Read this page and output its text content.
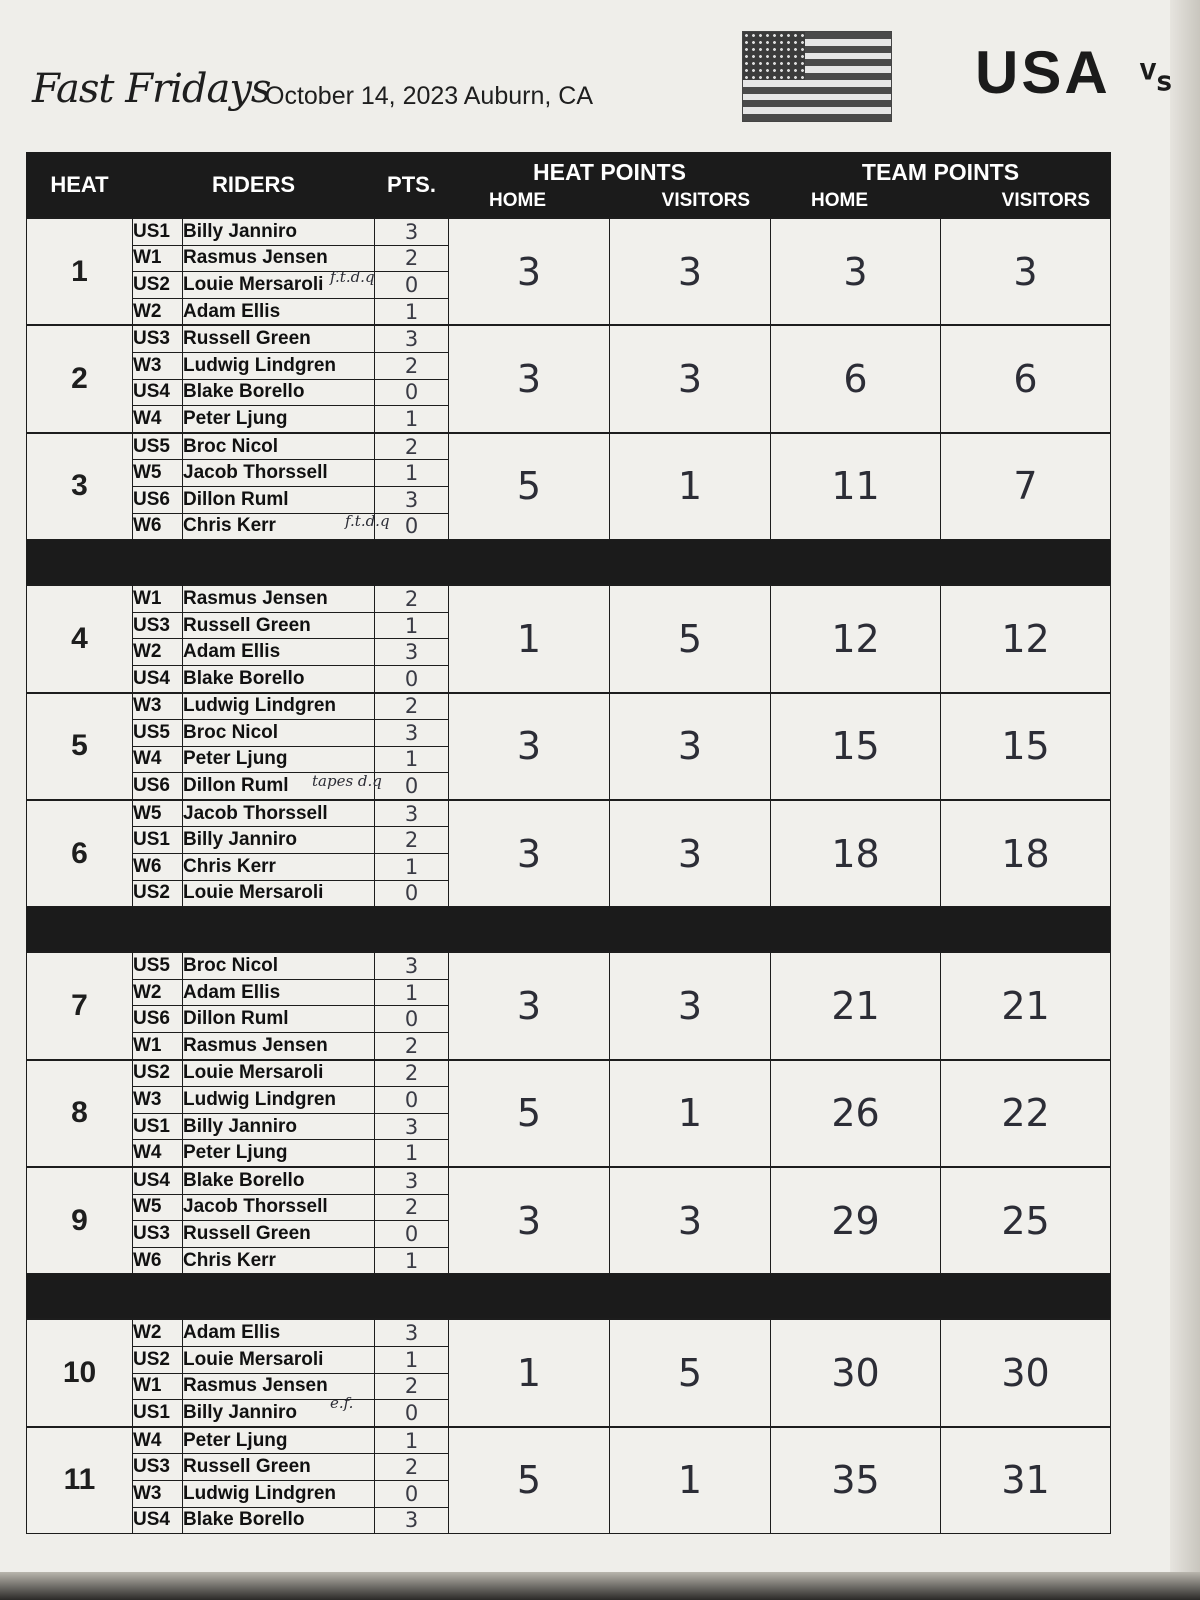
Fast Fridays
October 14, 2023 Auburn, CA	USA ᵛₛ
HEAT	RIDERS		PTS.	HEAT POINTS
HOME VISITORS		TEAM POINTS
HOME VISITORS	

1	US1	Billy Janniro	3	3	3	3	3
	W1	Rasmus Jensen	2				
	US2	Louie Mersaroli	0				
	W2	Adam Ellis	1				
2	US3	Russell Green	3	3	3	6	6
	W3	Ludwig Lindgren	2				
	US4	Blake Borello	0				
	W4	Peter Ljung	1				
3	US5	Broc Nicol	2	5	1	11	7
	W5	Jacob Thorssell	1				
	US6	Dillon Ruml	3				
	W6	Chris Kerr	0				

4	W1	Rasmus Jensen	2	1	5	12	12
	US3	Russell Green	1				
	W2	Adam Ellis	3				
	US4	Blake Borello	0				
5	W3	Ludwig Lindgren	2	3	3	15	15
	US5	Broc Nicol	3				
	W4	Peter Ljung	1				
	US6	Dillon Ruml	0				
6	W5	Jacob Thorssell	3	3	3	18	18
	US1	Billy Janniro	2				
	W6	Chris Kerr	1				
	US2	Louie Mersaroli	0				

7	US5	Broc Nicol	3	3	3	21	21
	W2	Adam Ellis	1				
	US6	Dillon Ruml	0				
	W1	Rasmus Jensen	2				
8	US2	Louie Mersaroli	2	5	1	26	22
	W3	Ludwig Lindgren	0				
	US1	Billy Janniro	3				
	W4	Peter Ljung	1				
9	US4	Blake Borello	3	3	3	29	25
	W5	Jacob Thorssell	2				
	US3	Russell Green	0				
	W6	Chris Kerr	1				

10	W2	Adam Ellis	3	1	5	30	30
	US2	Louie Mersaroli	1				
	W1	Rasmus Jensen	2				
	US1	Billy Janniro	0				
11	W4	Peter Ljung	1	5	1	35	31
	US3	Russell Green	2				
	W3	Ludwig Lindgren	0				
	US4	Blake Borello	3				
f.t.d.q
f.t.d.q
tapes d.q
e.f.
